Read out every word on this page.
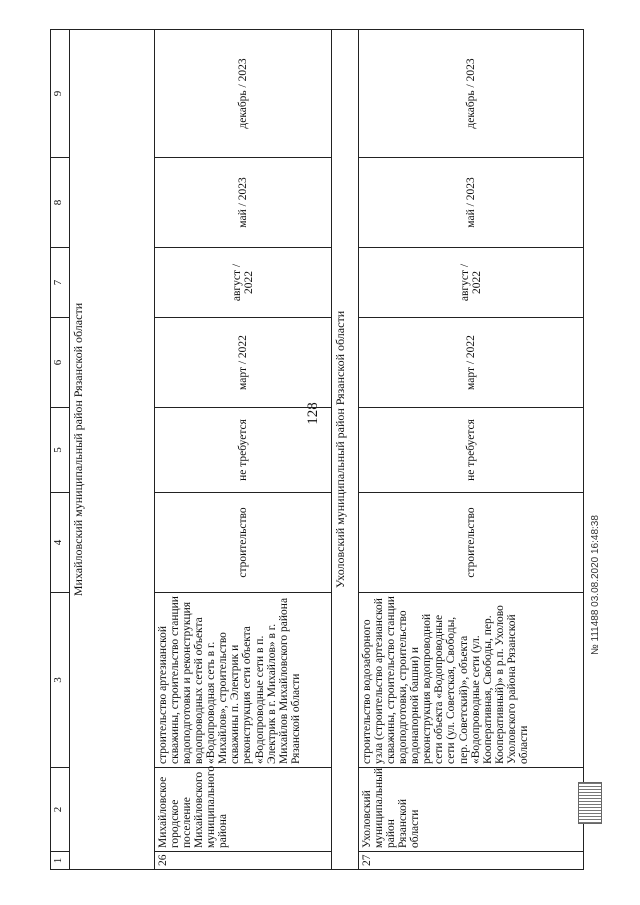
128
1	2	3	4	5	6	7	8	9
Михайловский муниципальный район Рязанской области								
26	Михайловское городское поселение Михайловского муниципального района	строительство артезианской скважины, строительство станции водоподготовки и реконструкция водопроводных сетей объекта «Водопроводная сеть в г. Михайлов», строительство скважины п. Электрик и реконструкция сети объекта «Водопроводные сети в п. Электрик в г. Михайлов» в г. Михайлов Михайловского района Рязанской области	строительство	не требуется	март / 2022	август / 2022	май / 2023	декабрь / 2023
Ухоловский муниципальный район Рязанской области								
27	Ухоловский муниципальный район Рязанской области	строительство водозаборного узла (строительство артезианской скважины, строительство станции водоподготовки, строительство водонапорной башни) и реконструкция водопроводной сети объекта «Водопроводные сети (ул. Советская, Свободы, пер. Советский)», объекта «Водопроводные сети (ул. Кооперативная, Свободы, пер. Кооперативный)» в р.п. Ухолово Ухоловского района Рязанской области	строительство	не требуется	март / 2022	август / 2022	май / 2023	декабрь / 2023
№ 111488 03.08.2020 16:48:38
